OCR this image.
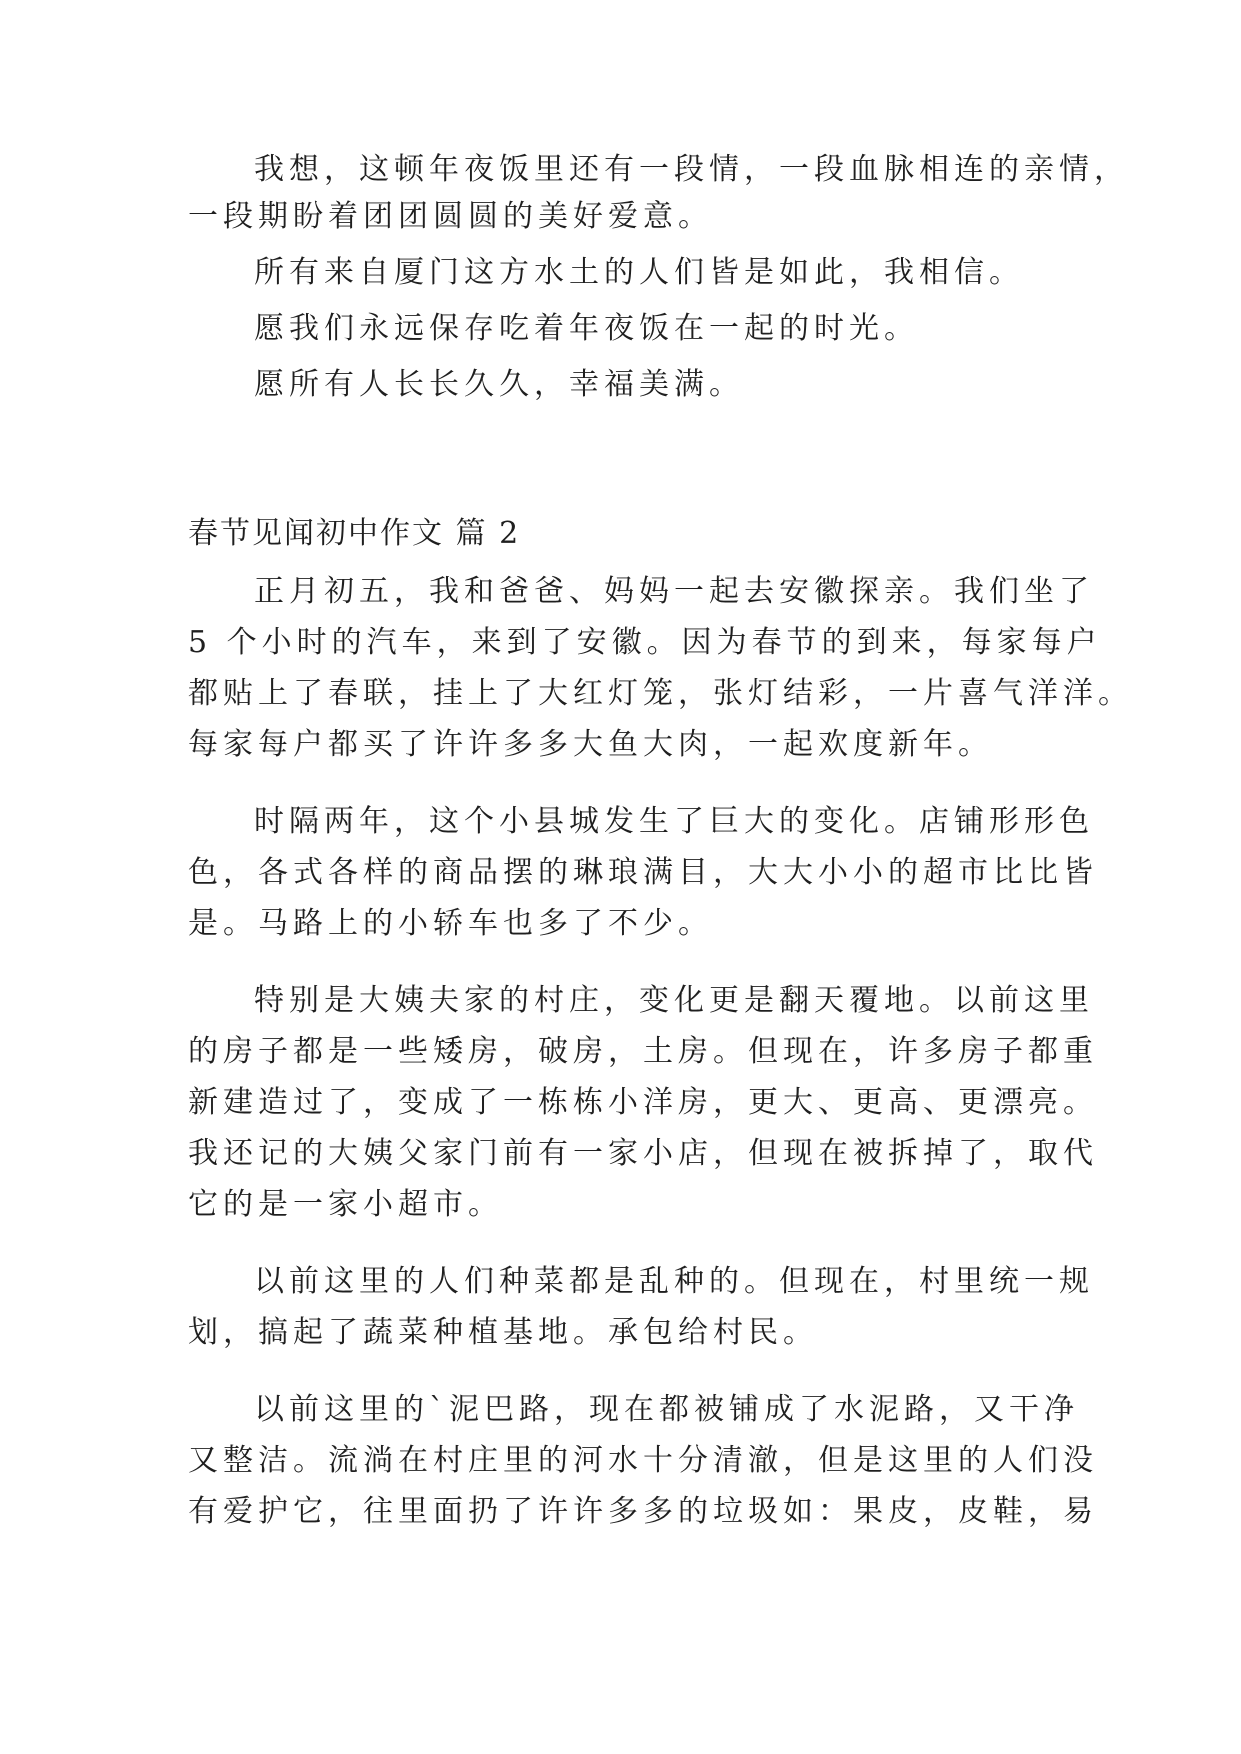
我想，这顿年夜饭里还有一段情，一段血脉相连的亲情，
一段期盼着团团圆圆的美好爱意。
所有来自厦门这方水土的人们皆是如此，我相信。
愿我们永远保存吃着年夜饭在一起的时光。
愿所有人长长久久，幸福美满。
春节见闻初中作文 篇 2
正月初五，我和爸爸、妈妈一起去安徽探亲。我们坐了
5 个小时的汽车，来到了安徽。因为春节的到来，每家每户
都贴上了春联，挂上了大红灯笼，张灯结彩，一片喜气洋洋。
每家每户都买了许许多多大鱼大肉，一起欢度新年。
时隔两年，这个小县城发生了巨大的变化。店铺形形色
色，各式各样的商品摆的琳琅满目，大大小小的超市比比皆
是。马路上的小轿车也多了不少。
特别是大姨夫家的村庄，变化更是翻天覆地。以前这里
的房子都是一些矮房，破房，土房。但现在，许多房子都重
新建造过了，变成了一栋栋小洋房，更大、更高、更漂亮。
我还记的大姨父家门前有一家小店，但现在被拆掉了，取代
它的是一家小超市。
以前这里的人们种菜都是乱种的。但现在，村里统一规
划，搞起了蔬菜种植基地。承包给村民。
以前这里的`泥巴路，现在都被铺成了水泥路，又干净
又整洁。流淌在村庄里的河水十分清澈，但是这里的人们没
有爱护它，往里面扔了许许多多的垃圾如：果皮，皮鞋，易
